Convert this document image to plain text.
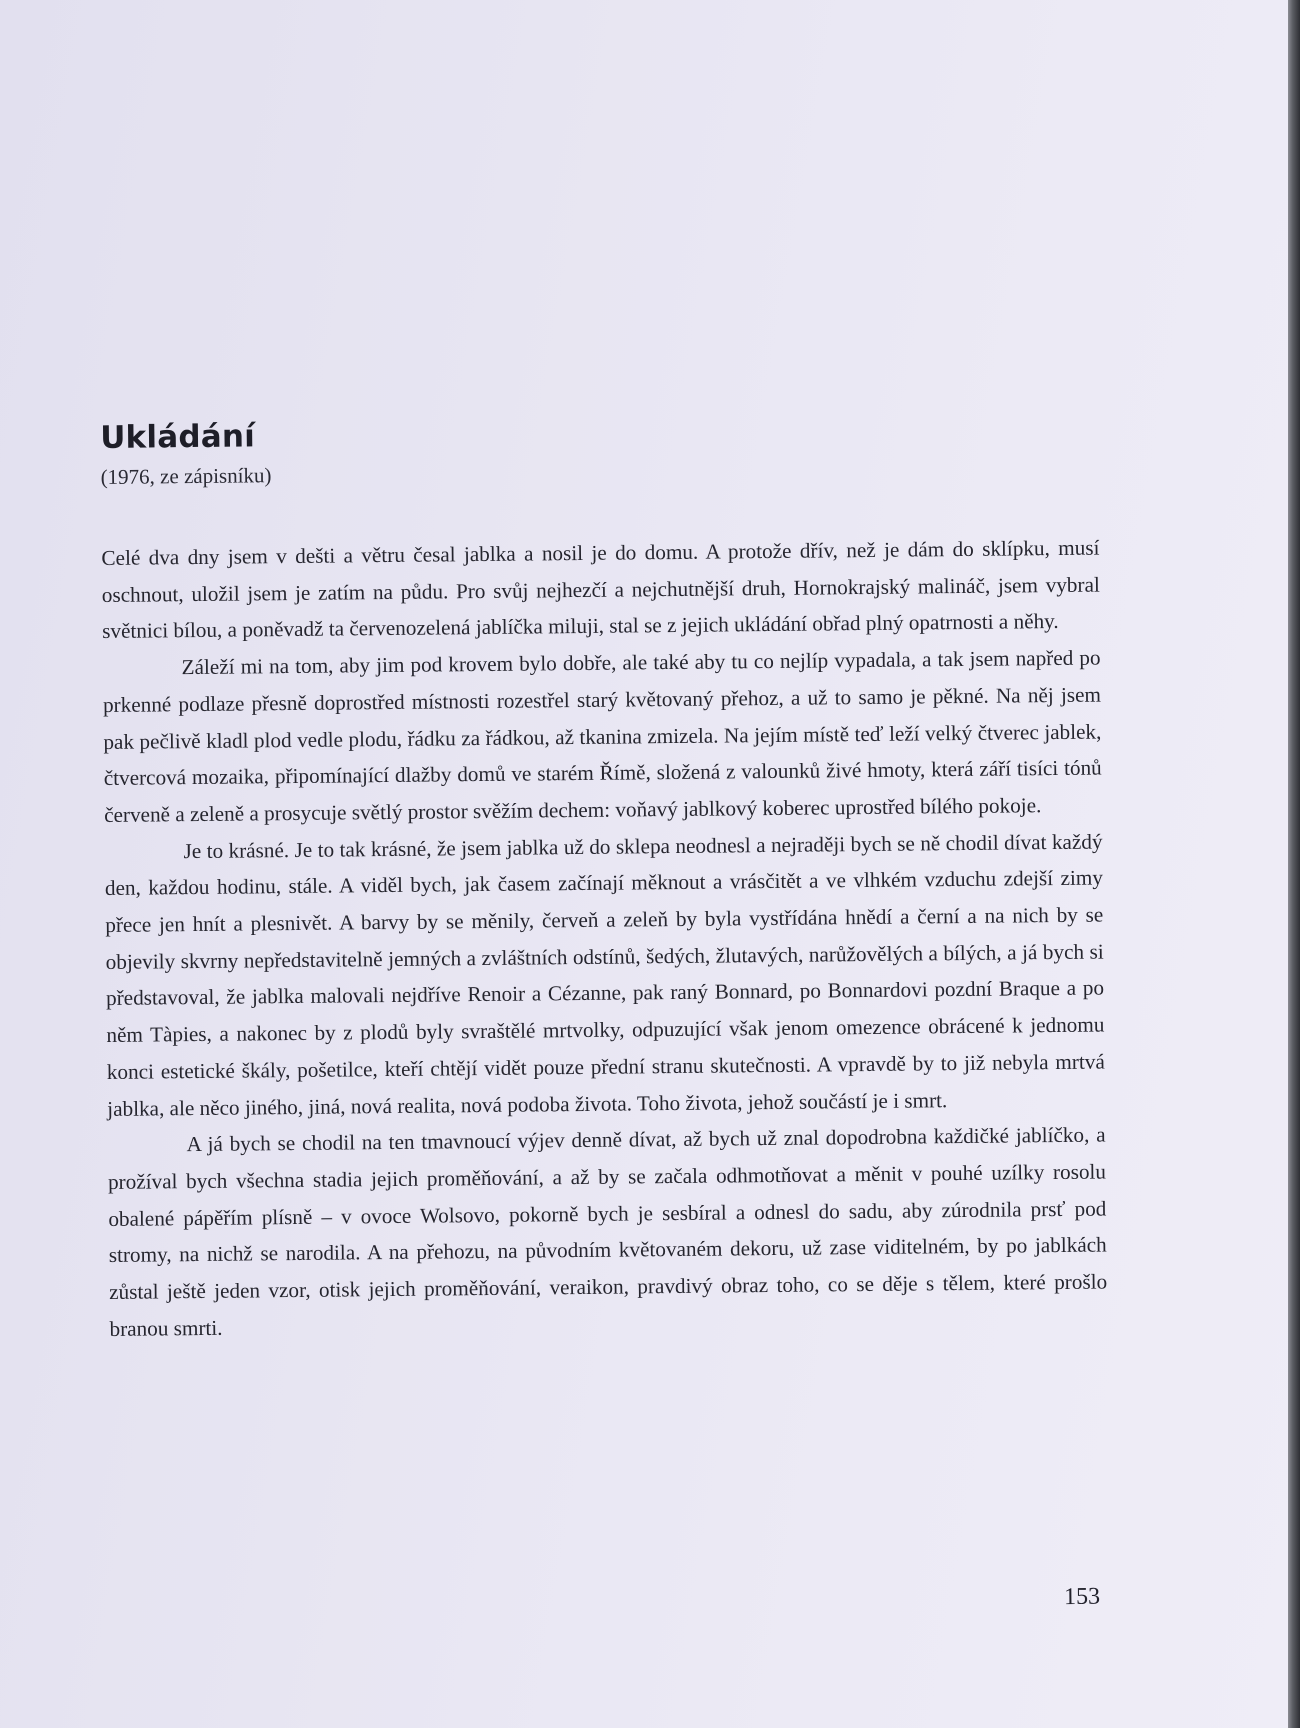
Ukládání
(1976, ze zápisníku)

Celé dva dny jsem v dešti a větru česal jablka a nosil je do domu. A protože dřív, než je dám do sklípku, musí oschnout, uložil jsem je zatím na půdu. Pro svůj nejhezčí a nejchutnější druh, Hornokrajský malináč, jsem vybral světnici bílou, a poněvadž ta červenozelená jablíčka miluji, stal se z jejich ukládání obřad plný opatrnosti a něhy.

Záleží mi na tom, aby jim pod krovem bylo dobře, ale také aby tu co nejlíp vypadala, a tak jsem napřed po prkenné podlaze přesně doprostřed místnosti rozestřel starý květovaný přehoz, a už to samo je pěkné. Na něj jsem pak pečlivě kladl plod vedle plodu, řádku za řádkou, až tkanina zmizela. Na jejím místě teď leží velký čtverec jablek, čtvercová mozaika, připomínající dlažby domů ve starém Římě, složená z valounků živé hmoty, která září tisíci tónů červeně a zeleně a prosycuje světlý prostor svěžím dechem: voňavý jablkový koberec uprostřed bílého pokoje.

Je to krásné. Je to tak krásné, že jsem jablka už do sklepa neodnesl a nejraději bych se ně chodil dívat každý den, každou hodinu, stále. A viděl bych, jak časem začínají měknout a vrásčitět a ve vlhkém vzduchu zdejší zimy přece jen hnít a plesnivět. A barvy by se měnily, červeň a zeleň by byla vystřídána hnědí a černí a na nich by se objevily skvrny nepředstavitelně jemných a zvláštních odstínů, šedých, žlutavých, narůžovělých a bílých, a já bych si představoval, že jablka malovali nejdříve Renoir a Cézanne, pak raný Bonnard, po Bonnardovi pozdní Braque a po něm Tàpies, a nakonec by z plodů byly svraštělé mrtvolky, odpuzující však jenom omezence obrácené k jednomu konci estetické škály, pošetilce, kteří chtějí vidět pouze přední stranu skutečnosti. A vpravdě by to již nebyla mrtvá jablka, ale něco jiného, jiná, nová realita, nová podoba života. Toho života, jehož součástí je i smrt.

A já bych se chodil na ten tmavnoucí výjev denně dívat, až bych už znal dopodrobna každičké jablíčko, a prožíval bych všechna stadia jejich proměňování, a až by se začala odhmotňovat a měnit v pouhé uzílky rosolu obalené pápěřím plísně – v ovoce Wolsovo, pokorně bych je sesbíral a odnesl do sadu, aby zúrodnila prsť pod stromy, na nichž se narodila. A na přehozu, na původním květovaném dekoru, už zase viditelném, by po jablkách zůstal ještě jeden vzor, otisk jejich proměňování, veraikon, pravdivý obraz toho, co se děje s tělem, které prošlo branou smrti.

153
